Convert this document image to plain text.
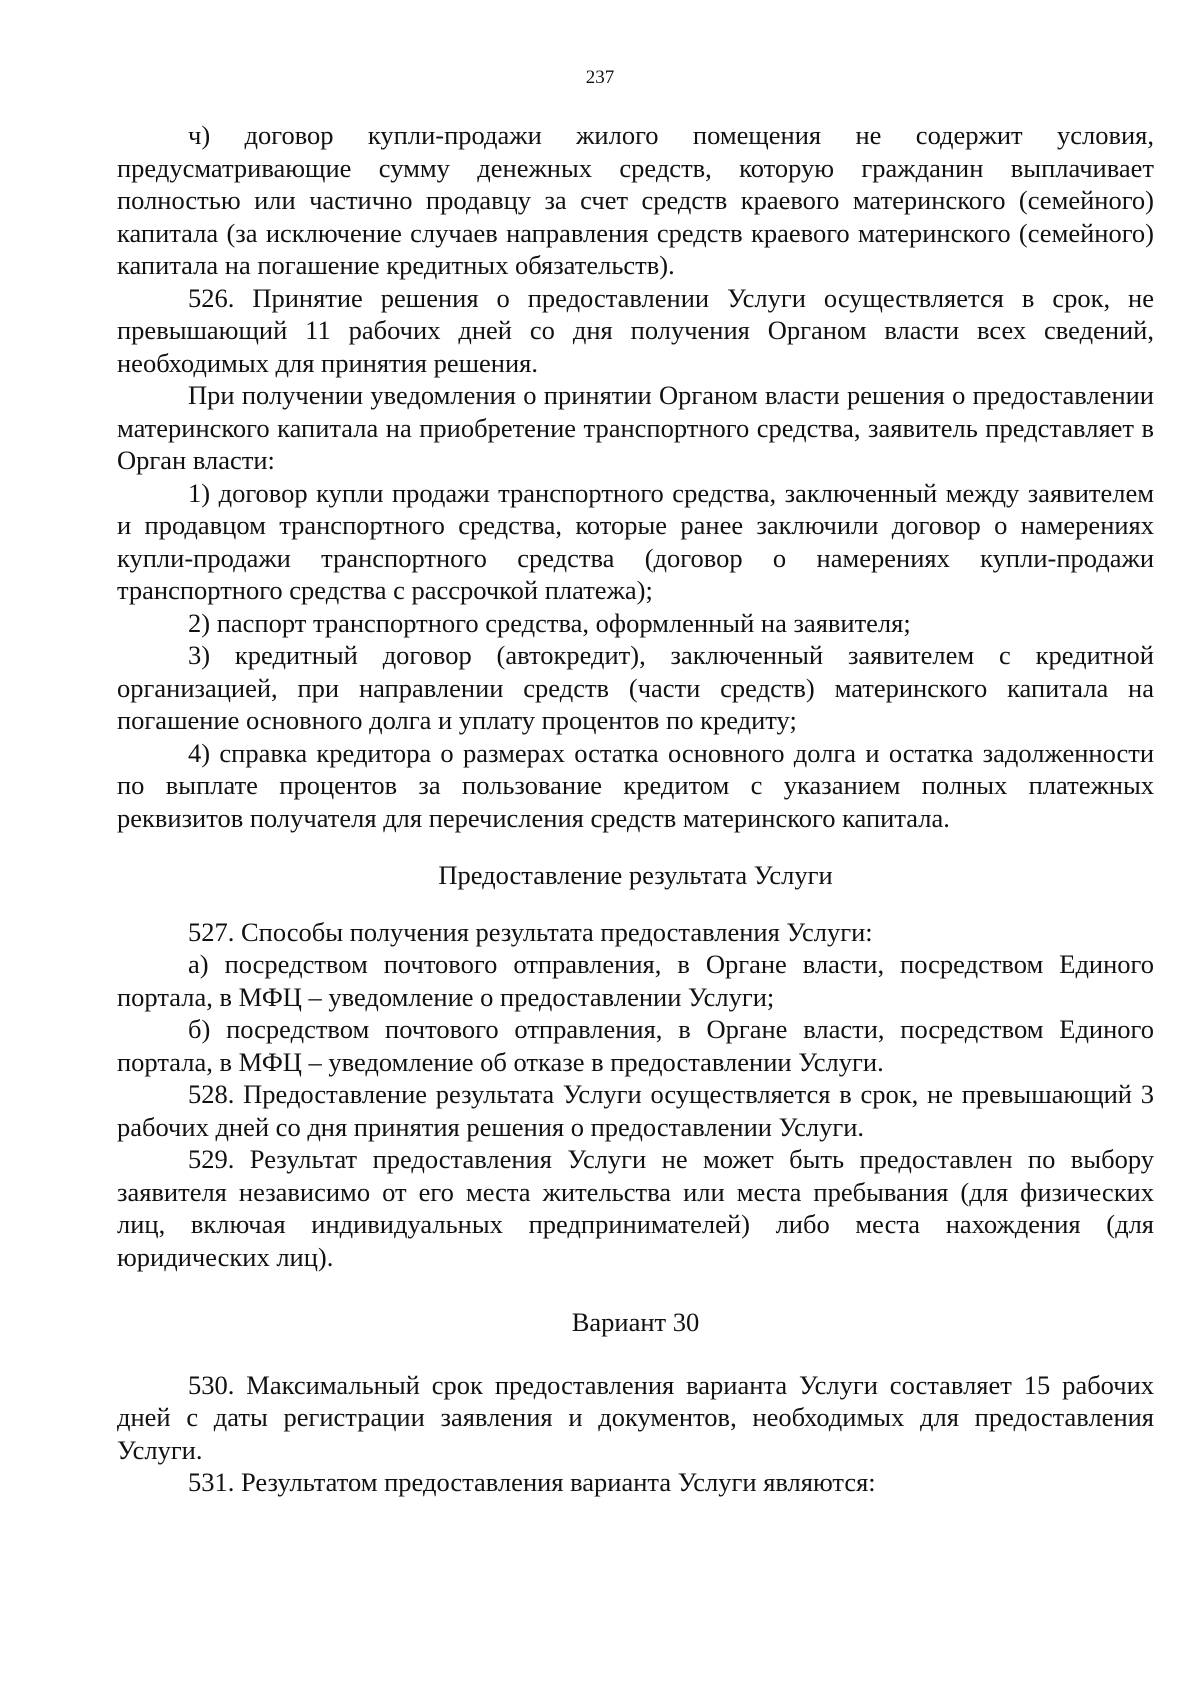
237

ч) договор купли-продажи жилого помещения не содержит условия, предусматривающие сумму денежных средств, которую гражданин выплачивает полностью или частично продавцу за счет средств краевого материнского (семейного) капитала (за исключение случаев направления средств краевого материнского (семейного) капитала на погашение кредитных обязательств).

526. Принятие решения о предоставлении Услуги осуществляется в срок, не превышающий 11 рабочих дней со дня получения Органом власти всех сведений, необходимых для принятия решения.

При получении уведомления о принятии Органом власти решения о предоставлении материнского капитала на приобретение транспортного средства, заявитель представляет в Орган власти:

1) договор купли продажи транспортного средства, заключенный между заявителем и продавцом транспортного средства, которые ранее заключили договор о намерениях купли-продажи транспортного средства (договор о намерениях купли-продажи транспортного средства с рассрочкой платежа);

2) паспорт транспортного средства, оформленный на заявителя;

3) кредитный договор (автокредит), заключенный заявителем с кредитной организацией, при направлении средств (части средств) материнского капитала на погашение основного долга и уплату процентов по кредиту;

4) справка кредитора о размерах остатка основного долга и остатка задолженности по выплате процентов за пользование кредитом с указанием полных платежных реквизитов получателя для перечисления средств материнского капитала.

Предоставление результата Услуги

527. Способы получения результата предоставления Услуги:

а) посредством почтового отправления, в Органе власти, посредством Единого портала, в МФЦ – уведомление о предоставлении Услуги;

б) посредством почтового отправления, в Органе власти, посредством Единого портала, в МФЦ – уведомление об отказе в предоставлении Услуги.

528. Предоставление результата Услуги осуществляется в срок, не превышающий 3 рабочих дней со дня принятия решения о предоставлении Услуги.

529. Результат предоставления Услуги не может быть предоставлен по выбору заявителя независимо от его места жительства или места пребывания (для физических лиц, включая индивидуальных предпринимателей) либо места нахождения (для юридических лиц).

Вариант 30

530. Максимальный срок предоставления варианта Услуги составляет 15 рабочих дней с даты регистрации заявления и документов, необходимых для предоставления Услуги.

531. Результатом предоставления варианта Услуги являются:
